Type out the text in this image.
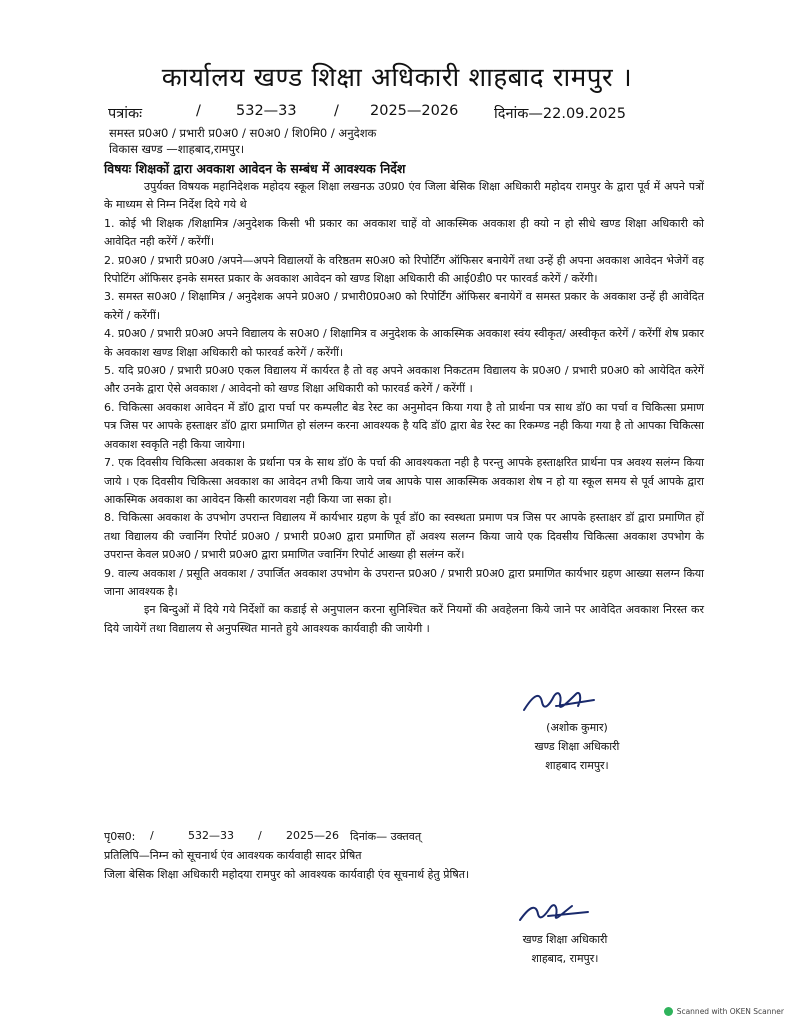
कार्यालय खण्ड शिक्षा अधिकारी शाहबाद रामपुर ।
पत्रांकः	/	532—33	/	2025—2026	दिनांक—22.09.2025
समस्त प्र0अ0 / प्रभारी प्र0अ0 / स0अ0 / शि0मि0 / अनुदेशक
विकास खण्ड —शाहबाद,रामपुर।
विषयः शिक्षकों द्वारा अवकाश आवेदन के सम्बंध में आवश्यक निर्देश
उपुर्यक्त विषयक महानिदेशक महोदय स्कूल शिक्षा लखनऊ उ0प्र0 एंव जिला बेसिक शिक्षा अधिकारी महोदय रामपुर के द्वारा पूर्व में अपने पत्रों के माध्यम से निम्न निर्देश दिये गये थे
1. कोई भी शिक्षक /शिक्षामित्र /अनुदेशक किसी भी प्रकार का अवकाश चाहें वो आकस्मिक अवकाश ही क्यो न हो सीधे खण्ड शिक्षा अधिकारी को आवेदित नही करेंगें / करेंगीं।
2. प्र0अ0 / प्रभारी प्र0अ0 /अपने—अपने विद्यालयों के वरिष्ठतम स0अ0 को रिपोर्टिंग ऑफिसर बनायेगें तथा उन्हें ही अपना अवकाश आवेदन भेजेगें वह रिपोटिंग ऑफिसर इनके समस्त प्रकार के अवकाश आवेदन को खण्ड शिक्षा अधिकारी की आई0डी0 पर फारवर्ड करेगें / करेंगी।
3. समस्त स0अ0 / शिक्षामित्र / अनुदेशक अपने प्र0अ0 / प्रभारी0प्र0अ0 को रिपोर्टिंग ऑफिसर बनायेगें व समस्त प्रकार के अवकाश उन्हें ही आवेदित करेगें / करेंगीं।
4. प्र0अ0 / प्रभारी प्र0अ0 अपने विद्यालय के स0अ0 / शिक्षामित्र व अनुदेशक के आकस्मिक अवकाश स्वंय स्वीकृत/ अस्वीकृत करेगें / करेंगीं शेष प्रकार के अवकाश खण्ड शिक्षा अधिकारी को फारवर्ड करेगें / करेंगीं।
5. यदि प्र0अ0 / प्रभारी प्र0अ0 एकल विद्यालय में कार्यरत है तो वह अपने अवकाश निकटतम विद्यालय के प्र0अ0 / प्रभारी प्र0अ0 को आयेदित करेगें और उनके द्वारा ऐसे अवकाश / आवेदनो को खण्ड शिक्षा अधिकारी को फारवर्ड करेगें / करेंगीं ।
6. चिकित्सा अवकाश आवेदन में डॉ0 द्वारा पर्चा पर कम्पलीट बेड रेस्ट का अनुमोदन किया गया है तो प्रार्थना पत्र साथ डॉ0 का पर्चा व चिकित्सा प्रमाण पत्र जिस पर आपके हस्ताक्षर डॉ0 द्वारा प्रमाणित हो संलग्न करना आवश्यक है यदि डॉ0 द्वारा बेड रेस्ट का रिकम्ण्ड नही किया गया है तो आपका चिकित्सा अवकाश स्वकृति नही किया जायेगा।
7. एक दिवसीय चिकित्सा अवकाश के प्रर्थाना पत्र के साथ डॉ0 के पर्चा की आवश्यकता नही है परन्तु आपके हस्ताक्षरित प्रार्थना पत्र अवश्य सलंग्न किया जाये । एक दिवसीय चिकित्सा अवकाश का आवेदन तभी किया जाये जब आपके पास आकस्मिक अवकाश शेष न हो या स्कूल समय से पूर्व आपके द्वारा आकस्मिक अवकाश का आवेदन किसी कारणवश नही किया जा सका हो।
8. चिकित्सा अवकाश के उपभोग उपरान्त विद्यालय में कार्यभार ग्रहण के पूर्व डॉ0 का स्वस्थता प्रमाण पत्र जिस पर आपके हस्ताक्षर डॉ द्वारा प्रमाणित हों तथा विद्यालय की ज्वानिंग रिपोर्ट प्र0अ0 / प्रभारी प्र0अ0 द्वारा प्रमाणित हों अवश्य सलग्न किया जाये एक दिवसीय चिकित्सा अवकाश उपभोग के उपरान्त केवल प्र0अ0 / प्रभारी प्र0अ0 द्वारा प्रमाणित ज्वानिंग रिपोर्ट आख्या ही सलंग्न करें।
9. वाल्य अवकाश / प्रसूति अवकाश / उपार्जित अवकाश उपभोग के उपरान्त प्र0अ0 / प्रभारी प्र0अ0 द्वारा प्रमाणित कार्यभार ग्रहण आख्या सलग्न किया जाना आवश्यक है।
इन बिन्दुओं में दिये गये निर्देशों का कडाई से अनुपालन करना सुनिश्चित करें नियमों की अवहेलना किये जाने पर आवेदित अवकाश निरस्त कर दिये जायेगें तथा विद्यालय से अनुपस्थित मानते हुये आवश्यक कार्यवाही की जायेगी ।
(अशोक कुमार)
खण्ड शिक्षा अधिकारी
शाहबाद रामपुर।
पृ0स0:	/	532—33	/	2025—26	दिनांक— उक्तवत्
प्रतिलिपि—निम्न को सूचनार्थ एंव आवश्यक कार्यवाही सादर प्रेषित
जिला बेसिक शिक्षा अधिकारी महोदया रामपुर को आवश्यक कार्यवाही एंव सूचनार्थ हेतु प्रेषित।
खण्ड शिक्षा अधिकारी
शाहबाद, रामपुर।
Scanned with OKEN Scanner
